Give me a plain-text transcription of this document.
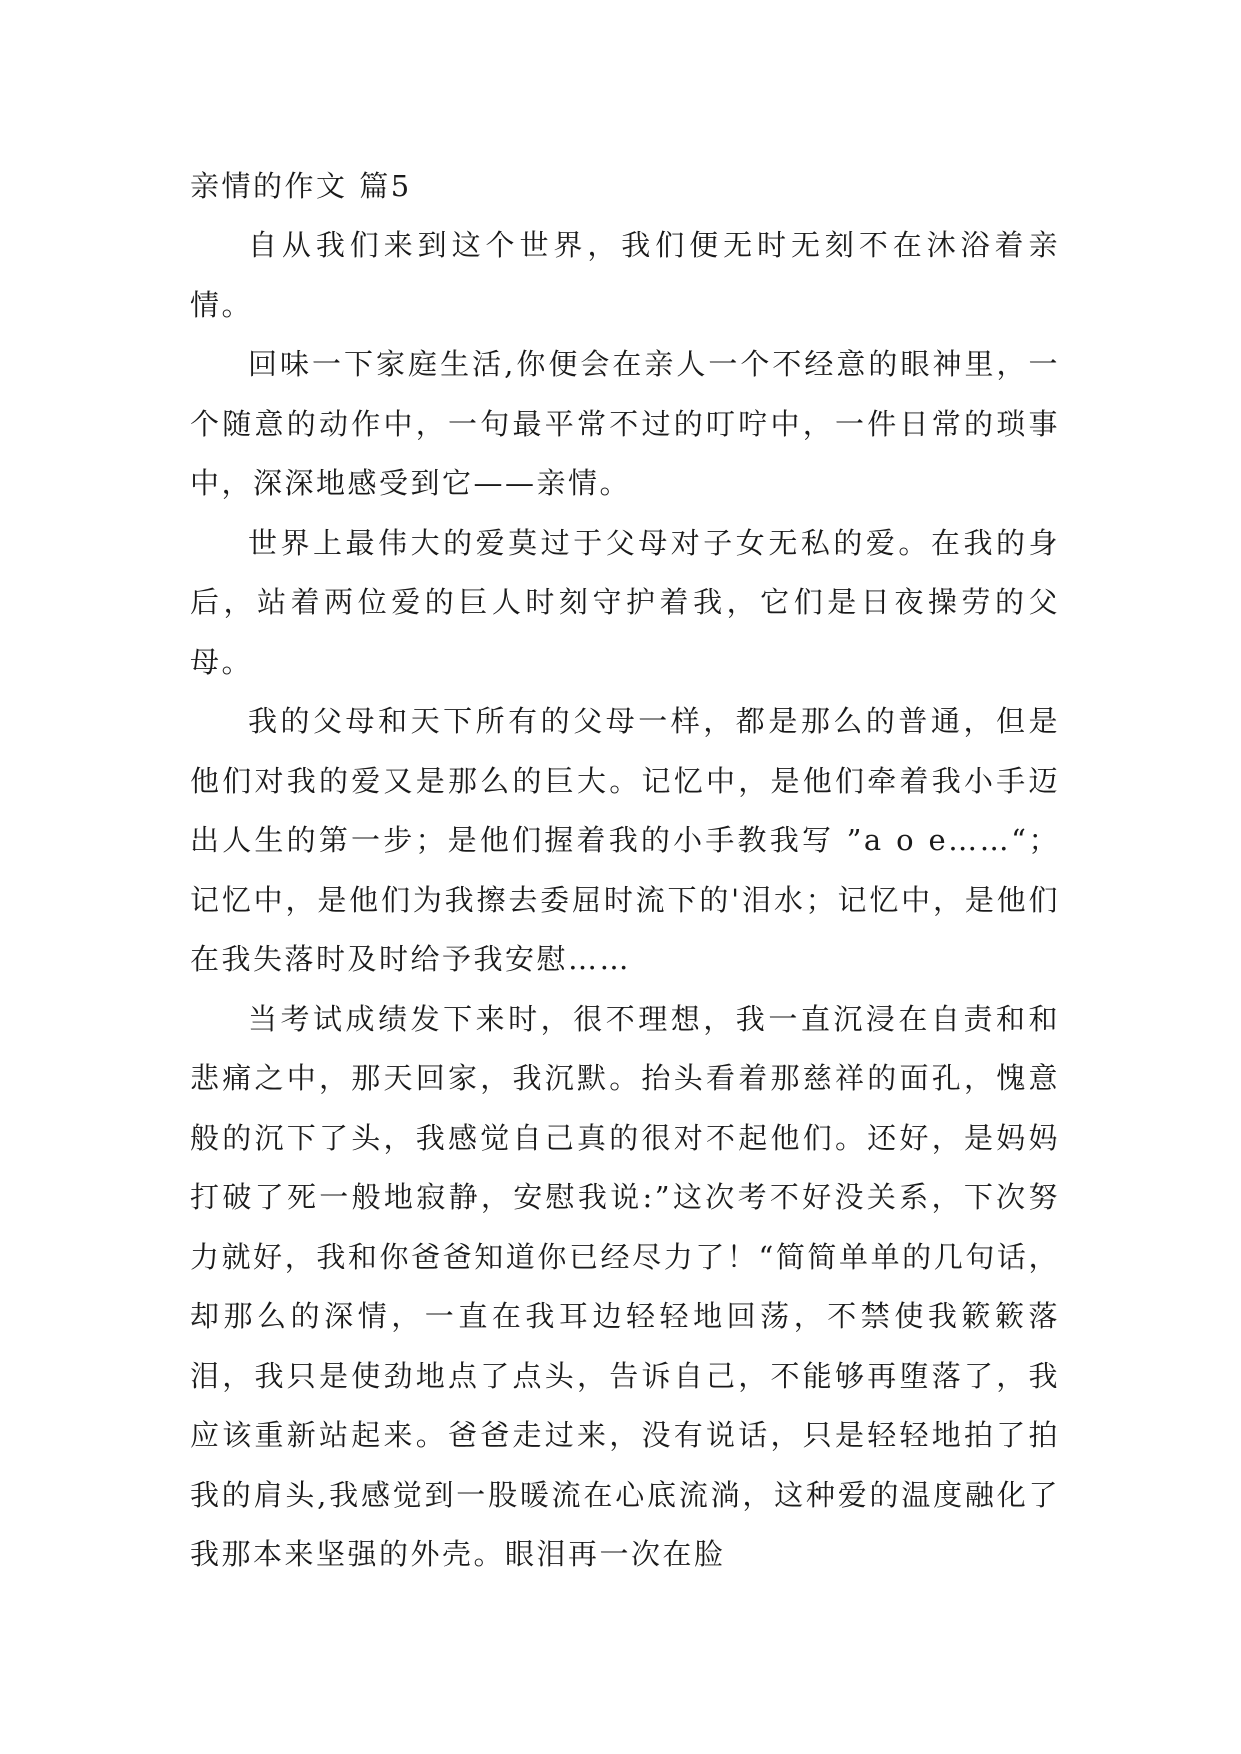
亲情的作文 篇5

自从我们来到这个世界，我们便无时无刻不在沐浴着亲情。

回味一下家庭生活,你便会在亲人一个不经意的眼神里，一个随意的动作中，一句最平常不过的叮咛中，一件日常的琐事中，深深地感受到它——亲情。

世界上最伟大的爱莫过于父母对子女无私的爱。在我的身后，站着两位爱的巨人时刻守护着我，它们是日夜操劳的父母。

我的父母和天下所有的父母一样，都是那么的普通，但是他们对我的爱又是那么的巨大。记忆中，是他们牵着我小手迈出人生的第一步；是他们握着我的小手教我写 ”a o e……“；记忆中，是他们为我擦去委屈时流下的'泪水；记忆中，是他们在我失落时及时给予我安慰……

当考试成绩发下来时，很不理想，我一直沉浸在自责和和悲痛之中，那天回家，我沉默。抬头看着那慈祥的面孔，愧意般的沉下了头，我感觉自己真的很对不起他们。还好，是妈妈打破了死一般地寂静，安慰我说:”这次考不好没关系，下次努力就好，我和你爸爸知道你已经尽力了！“简简单单的几句话，却那么的深情，一直在我耳边轻轻地回荡，不禁使我簌簌落泪，我只是使劲地点了点头，告诉自己，不能够再堕落了，我应该重新站起来。爸爸走过来，没有说话，只是轻轻地拍了拍我的肩头,我感觉到一股暖流在心底流淌，这种爱的温度融化了我那本来坚强的外壳。眼泪再一次在脸
